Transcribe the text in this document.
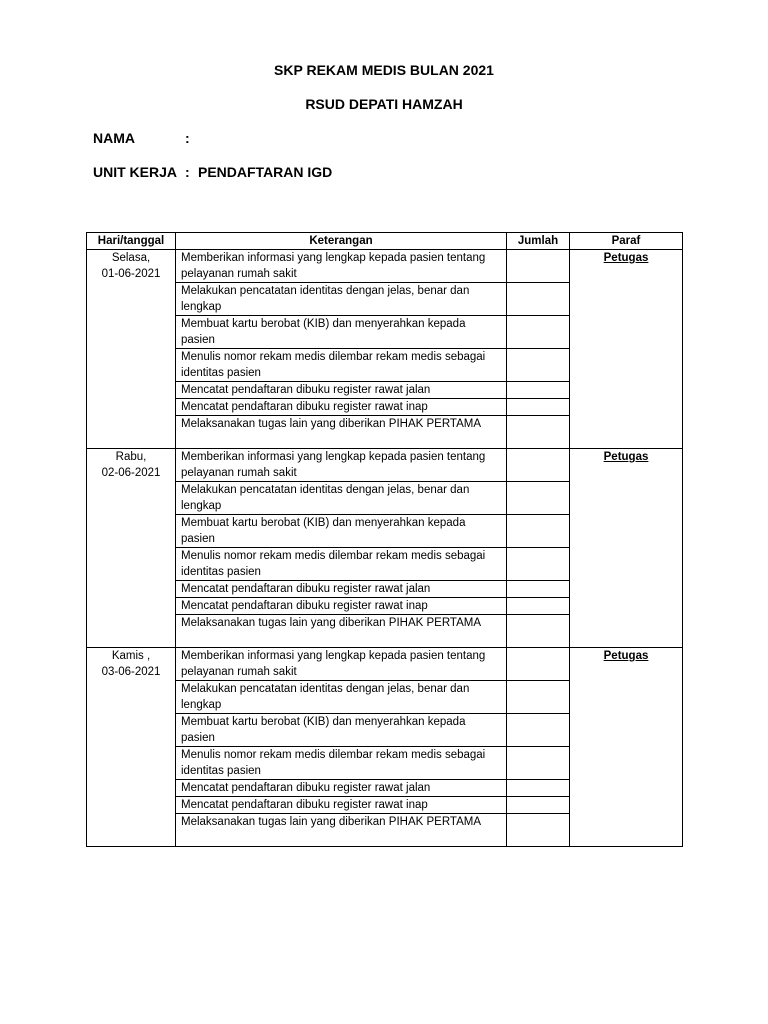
SKP REKAM MEDIS BULAN 2021
RSUD DEPATI HAMZAH
NAMA	:
UNIT KERJA : PENDAFTARAN IGD
Hari/tanggal	Keterangan	Jumlah	Paraf

Selasa,
01-06-2021	Memberikan informasi yang lengkap kepada pasien tentang pelayanan rumah sakit		Petugas
	Melakukan pencatatan identitas dengan jelas, benar dan lengkap		
	Membuat kartu berobat (KIB) dan menyerahkan kepada pasien		
	Menulis nomor rekam medis dilembar rekam medis sebagai identitas pasien		
	Mencatat pendaftaran dibuku register rawat jalan		
	Mencatat pendaftaran dibuku register rawat inap		
	Melaksanakan tugas lain yang diberikan PIHAK PERTAMA		

Rabu,
02-06-2021	Memberikan informasi yang lengkap kepada pasien tentang pelayanan rumah sakit		Petugas
	Melakukan pencatatan identitas dengan jelas, benar dan lengkap		
	Membuat kartu berobat (KIB) dan menyerahkan kepada pasien		
	Menulis nomor rekam medis dilembar rekam medis sebagai identitas pasien		
	Mencatat pendaftaran dibuku register rawat jalan		
	Mencatat pendaftaran dibuku register rawat inap		
	Melaksanakan tugas lain yang diberikan PIHAK PERTAMA		

Kamis ,
03-06-2021	Memberikan informasi yang lengkap kepada pasien tentang pelayanan rumah sakit		Petugas
	Melakukan pencatatan identitas dengan jelas, benar dan lengkap		
	Membuat kartu berobat (KIB) dan menyerahkan kepada pasien		
	Menulis nomor rekam medis dilembar rekam medis sebagai identitas pasien		
	Mencatat pendaftaran dibuku register rawat jalan		
	Mencatat pendaftaran dibuku register rawat inap		
	Melaksanakan tugas lain yang diberikan PIHAK PERTAMA		
